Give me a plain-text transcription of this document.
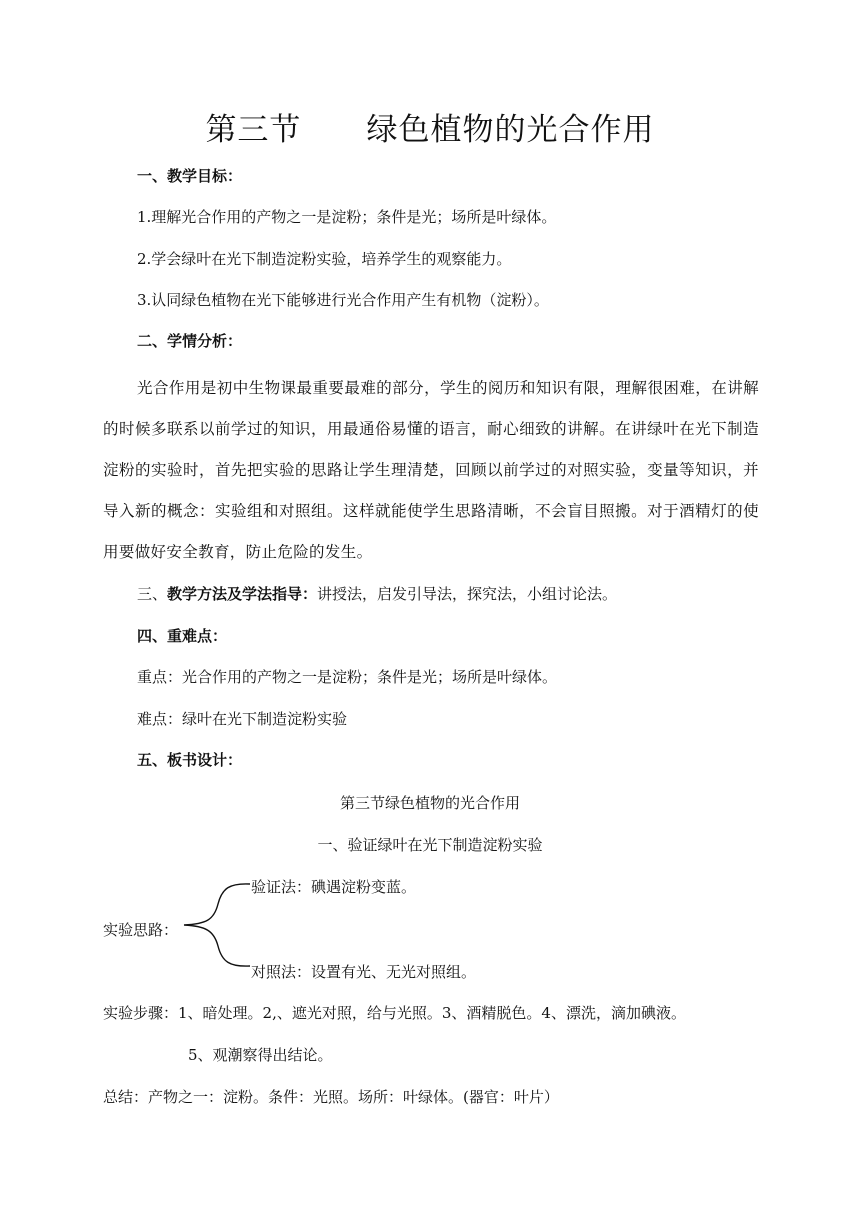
第三节      绿色植物的光合作用
一、教学目标：
1.理解光合作用的产物之一是淀粉；条件是光；场所是叶绿体。
2.学会绿叶在光下制造淀粉实验，培养学生的观察能力。
3.认同绿色植物在光下能够进行光合作用产生有机物（淀粉）。
二、学情分析：
光合作用是初中生物课最重要最难的部分，学生的阅历和知识有限，理解很困难，在讲解的时候多联系以前学过的知识，用最通俗易懂的语言，耐心细致的讲解。在讲绿叶在光下制造淀粉的实验时，首先把实验的思路让学生理清楚，回顾以前学过的对照实验，变量等知识，并导入新的概念：实验组和对照组。这样就能使学生思路清晰，不会盲目照搬。对于酒精灯的使用要做好安全教育，防止危险的发生。
三、教学方法及学法指导：讲授法，启发引导法，探究法，小组讨论法。
四、重难点：
重点：光合作用的产物之一是淀粉；条件是光；场所是叶绿体。
难点：绿叶在光下制造淀粉实验
五、板书设计：
第三节绿色植物的光合作用
一、验证绿叶在光下制造淀粉实验
验证法：碘遇淀粉变蓝。
实验思路：
对照法：设置有光、无光对照组。
实验步骤：1、暗处理。2,、遮光对照，给与光照。3、酒精脱色。4、漂洗，滴加碘液。
5、观潮察得出结论。
总结：产物之一：淀粉。条件：光照。场所：叶绿体。(器官：叶片）
